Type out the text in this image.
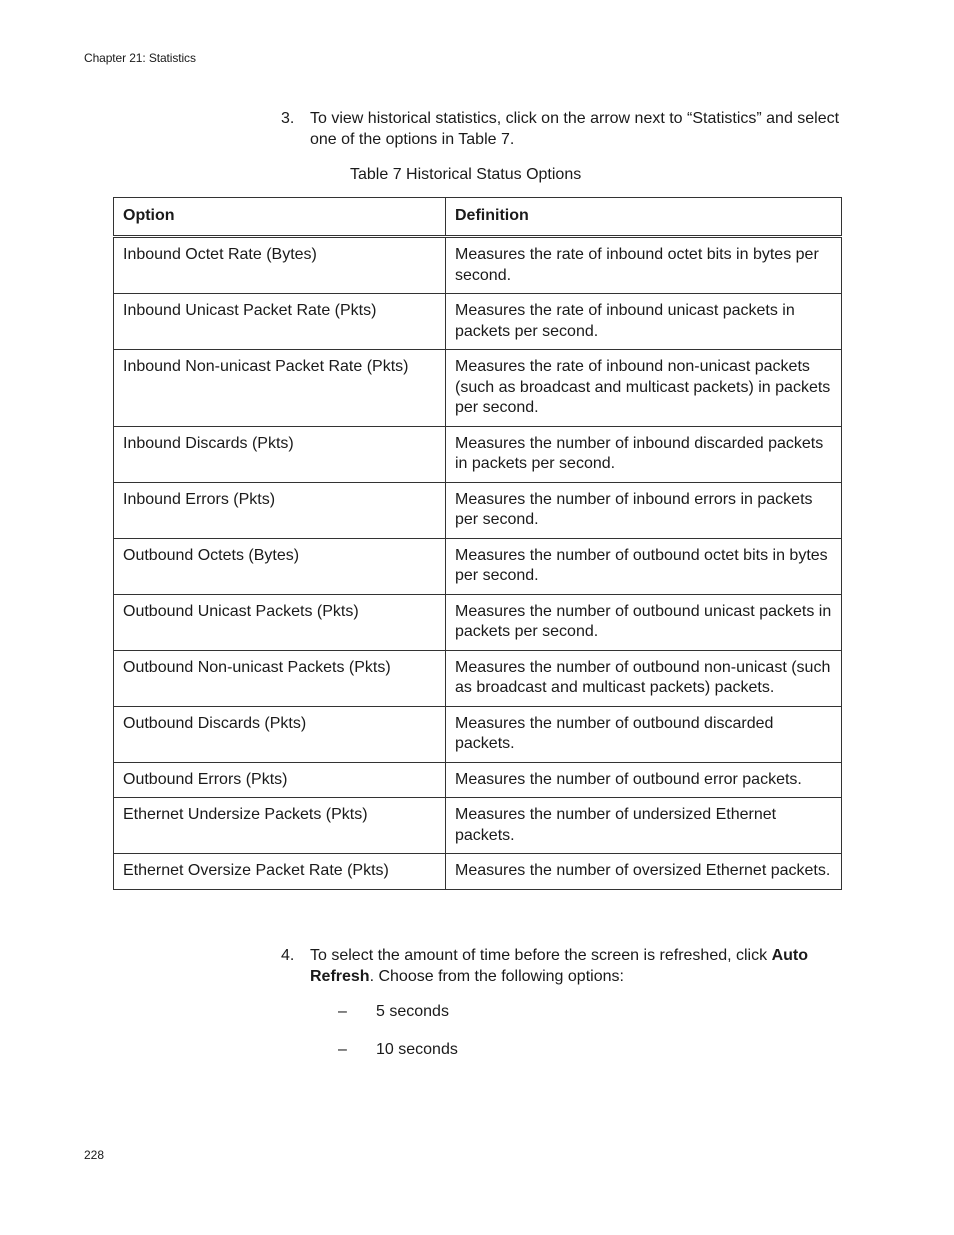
Chapter 21: Statistics
3. To view historical statistics, click on the arrow next to “Statistics” and select one of the options in Table 7.
Table 7 Historical Status Options
Option	Definition
Inbound Octet Rate (Bytes)	Measures the rate of inbound octet bits in bytes per second.
Inbound Unicast Packet Rate (Pkts)	Measures the rate of inbound unicast packets in packets per second.
Inbound Non-unicast Packet Rate (Pkts)	Measures the rate of inbound non-unicast packets (such as broadcast and multicast packets) in packets per second.
Inbound Discards (Pkts)	Measures the number of inbound discarded packets in packets per second.
Inbound Errors (Pkts)	Measures the number of inbound errors in packets per second.
Outbound Octets (Bytes)	Measures the number of outbound octet bits in bytes per second.
Outbound Unicast Packets (Pkts)	Measures the number of outbound unicast packets in packets per second.
Outbound Non-unicast Packets (Pkts)	Measures the number of outbound non-unicast (such as broadcast and multicast packets) packets.
Outbound Discards (Pkts)	Measures the number of outbound discarded packets.
Outbound Errors (Pkts)	Measures the number of outbound error packets.
Ethernet Undersize Packets (Pkts)	Measures the number of undersized Ethernet packets.
Ethernet Oversize Packet Rate (Pkts)	Measures the number of oversized Ethernet packets.
4. To select the amount of time before the screen is refreshed, click Auto Refresh. Choose from the following options:
– 5 seconds
– 10 seconds
228
